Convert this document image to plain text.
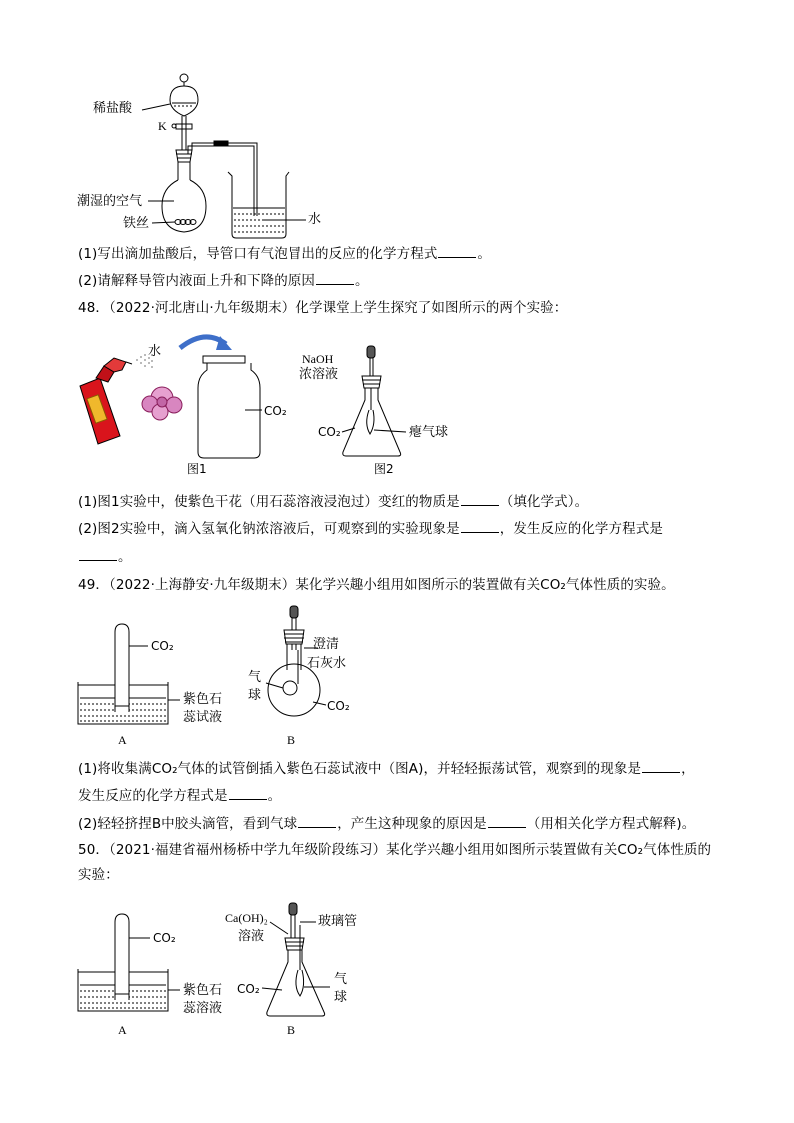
稀盐酸
K
潮湿的空气
铁丝	水
(1)写出滴加盐酸后，导管口有气泡冒出的反应的化学方程式	。
(2)请解释导管内液面上升和下降的原因	。
48．（2022·河北唐山·九年级期末）化学课堂上学生探究了如图所示的两个实验：
水
CO₂
图1
NaOH
浓溶液
CO₂	瘪气球
图2
(1)图1实验中，使紫色干花（用石蕊溶液浸泡过）变红的物质是	（填化学式）。
(2)图2实验中，滴入氢氧化钠浓溶液后，可观察到的实验现象是	，发生反应的化学方程式是
。
49．（2022·上海静安·九年级期末）某化学兴趣小组用如图所示的装置做有关CO₂气体性质的实验。
CO₂
紫色石
蕊试液
A
澄清
石灰水
气
球
CO₂
B
(1)将收集满CO₂气体的试管倒插入紫色石蕊试液中（图A)，并轻轻振荡试管，观察到的现象是	，
发生反应的化学方程式是	。
(2)轻轻挤捏B中胶头滴管，看到气球	，产生这种现象的原因是	（用相关化学方程式解释)。
50．（2021·福建省福州杨桥中学九年级阶段练习）某化学兴趣小组用如图所示装置做有关CO₂气体性质的
实验：
CO₂
紫色石
蕊溶液
A
Ca(OH)₂
溶液
玻璃管
CO₂
气
球
B
